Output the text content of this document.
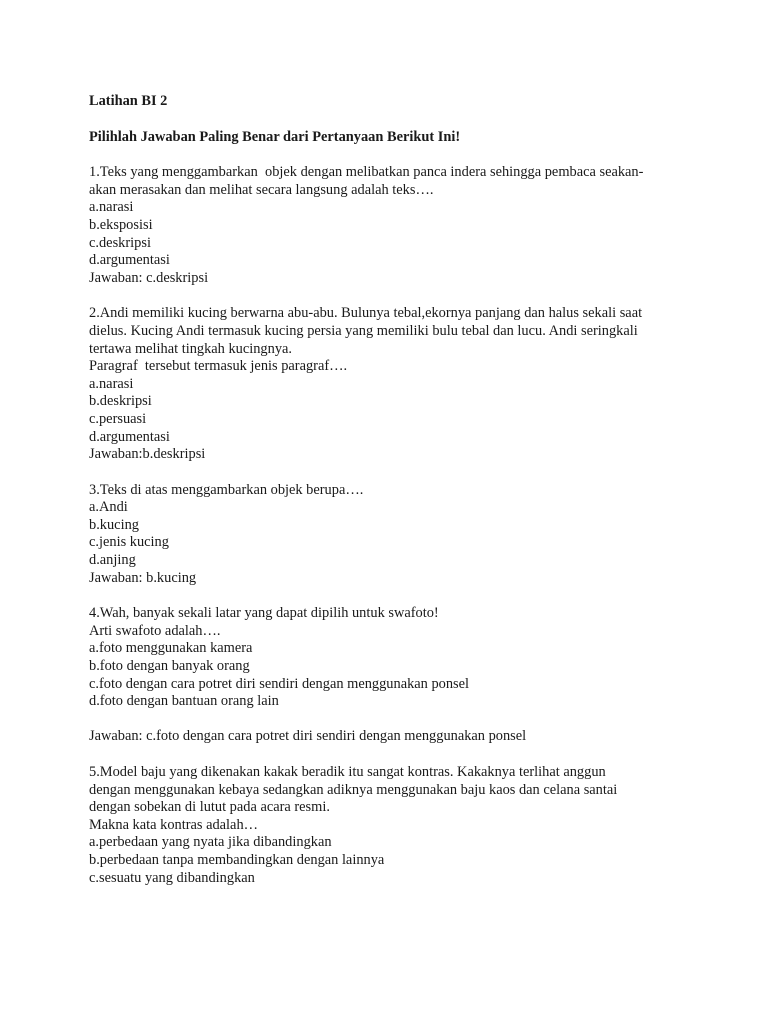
Latihan BI 2

Pilihlah Jawaban Paling Benar dari Pertanyaan Berikut Ini!

1.Teks yang menggambarkan  objek dengan melibatkan panca indera sehingga pembaca seakan-
akan merasakan dan melihat secara langsung adalah teks….
a.narasi
b.eksposisi
c.deskripsi
d.argumentasi
Jawaban: c.deskripsi
2.Andi memiliki kucing berwarna abu-abu. Bulunya tebal,ekornya panjang dan halus sekali saat
dielus. Kucing Andi termasuk kucing persia yang memiliki bulu tebal dan lucu. Andi seringkali
tertawa melihat tingkah kucingnya.
Paragraf  tersebut termasuk jenis paragraf….
a.narasi
b.deskripsi
c.persuasi
d.argumentasi
Jawaban:b.deskripsi
3.Teks di atas menggambarkan objek berupa….
a.Andi
b.kucing
c.jenis kucing
d.anjing
Jawaban: b.kucing
4.Wah, banyak sekali latar yang dapat dipilih untuk swafoto!
Arti swafoto adalah….
a.foto menggunakan kamera
b.foto dengan banyak orang
c.foto dengan cara potret diri sendiri dengan menggunakan ponsel
d.foto dengan bantuan orang lain
Jawaban: c.foto dengan cara potret diri sendiri dengan menggunakan ponsel
5.Model baju yang dikenakan kakak beradik itu sangat kontras. Kakaknya terlihat anggun
dengan menggunakan kebaya sedangkan adiknya menggunakan baju kaos dan celana santai
dengan sobekan di lutut pada acara resmi.
Makna kata kontras adalah…
a.perbedaan yang nyata jika dibandingkan
b.perbedaan tanpa membandingkan dengan lainnya
c.sesuatu yang dibandingkan
